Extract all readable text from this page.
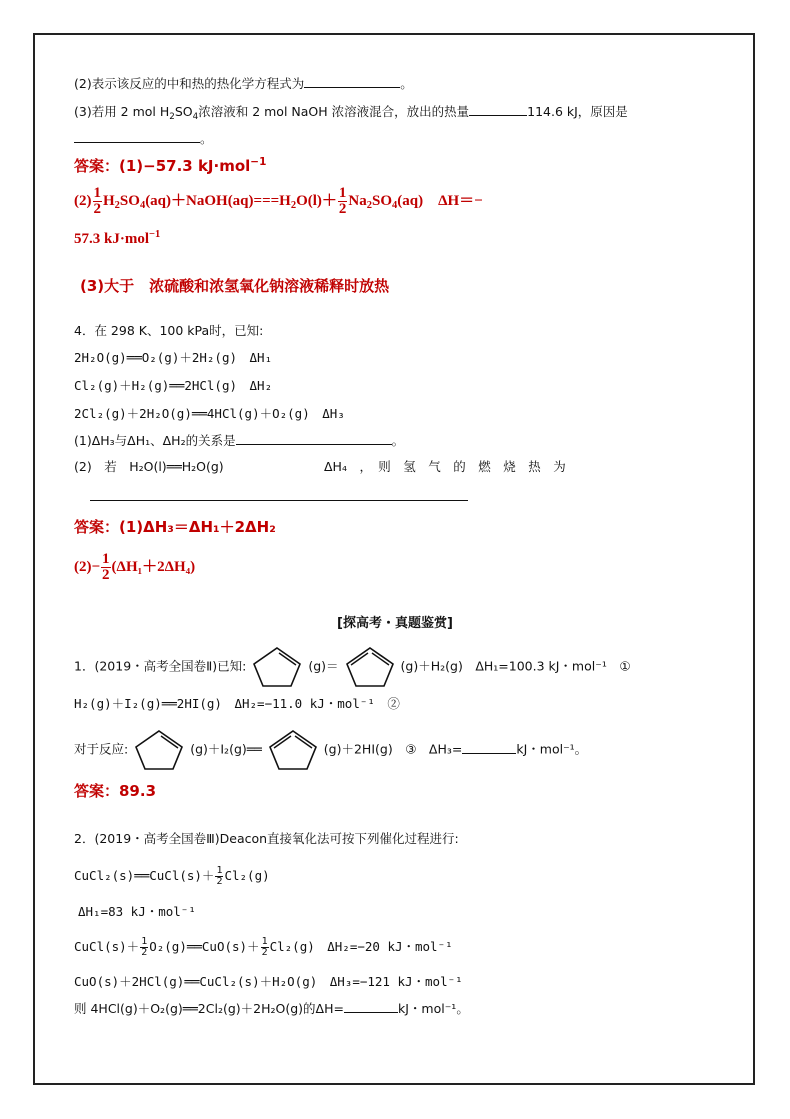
(2)表示该反应的中和热的热化学方程式为	。
(3)若用 2 mol $H_2SO_4$浓溶液和 2 mol NaOH 浓溶液混合，放出的热量	114.6 kJ，原因是
。
答案：(1)−57.3 kJ·mol$^{-1}$
$(2) \frac{1}{2}$ $H_2SO_4(aq)+NaOH(aq)===H_2O(l)+ \frac{1}{2} Na_2SO_4(aq)$　ΔH＝−
57.3 kJ·mol$^{-1}$
(3)大于　浓硫酸和浓氢氧化钠溶液稀释时放热
4．在 298 K、100 kPa时，已知:
2H₂O(g)══O₂(g)＋2H₂(g)　ΔH₁
Cl₂(g)＋H₂(g)══2HCl(g)　ΔH₂
2Cl₂(g)＋2H₂O(g)══4HCl(g)＋O₂(g)　ΔH₃
(1)ΔH₃与ΔH₁、ΔH₂的关系是	。
(2)　若　H₂O(l)══H₂O(g)	ΔH₄　，　则　氢　气　的　燃　烧　热　为
答案：(1)ΔH₃＝ΔH₁＋2ΔH₂
$(2)- \frac{1}{2} (\Delta H_1+2\Delta H_4)$
[探高考・真题鉴赏]
1．(2019・高考全国卷Ⅱ)已知:	(g)＝	(g)＋H₂(g)　ΔH₁=100.3 kJ・mol⁻¹　①
H₂(g)＋I₂(g)══2HI(g)　ΔH₂=−11.0 kJ・mol⁻¹　②
对于反应:	(g)＋I₂(g)══	(g)＋2HI(g)　③　ΔH₃=	kJ・mol⁻¹。
答案：89.3
2．(2019・高考全国卷Ⅲ)Deacon直接氧化法可按下列催化过程进行:
CuCl₂(s)══CuCl(s)＋ $\frac{1}{2} Cl_2(g)$
ΔH₁=83 kJ・mol⁻¹
CuCl(s)＋ $\frac{1}{2}$ O₂(g)══CuO(s)＋ $\frac{1}{2} Cl_2(g)$　ΔH₂=−20 kJ・mol⁻¹
CuO(s)＋2HCl(g)══CuCl₂(s)＋H₂O(g)　ΔH₃=−121 kJ・mol⁻¹
则 4HCl(g)＋O₂(g)══2Cl₂(g)＋2H₂O(g)的ΔH=	kJ・mol⁻¹。
